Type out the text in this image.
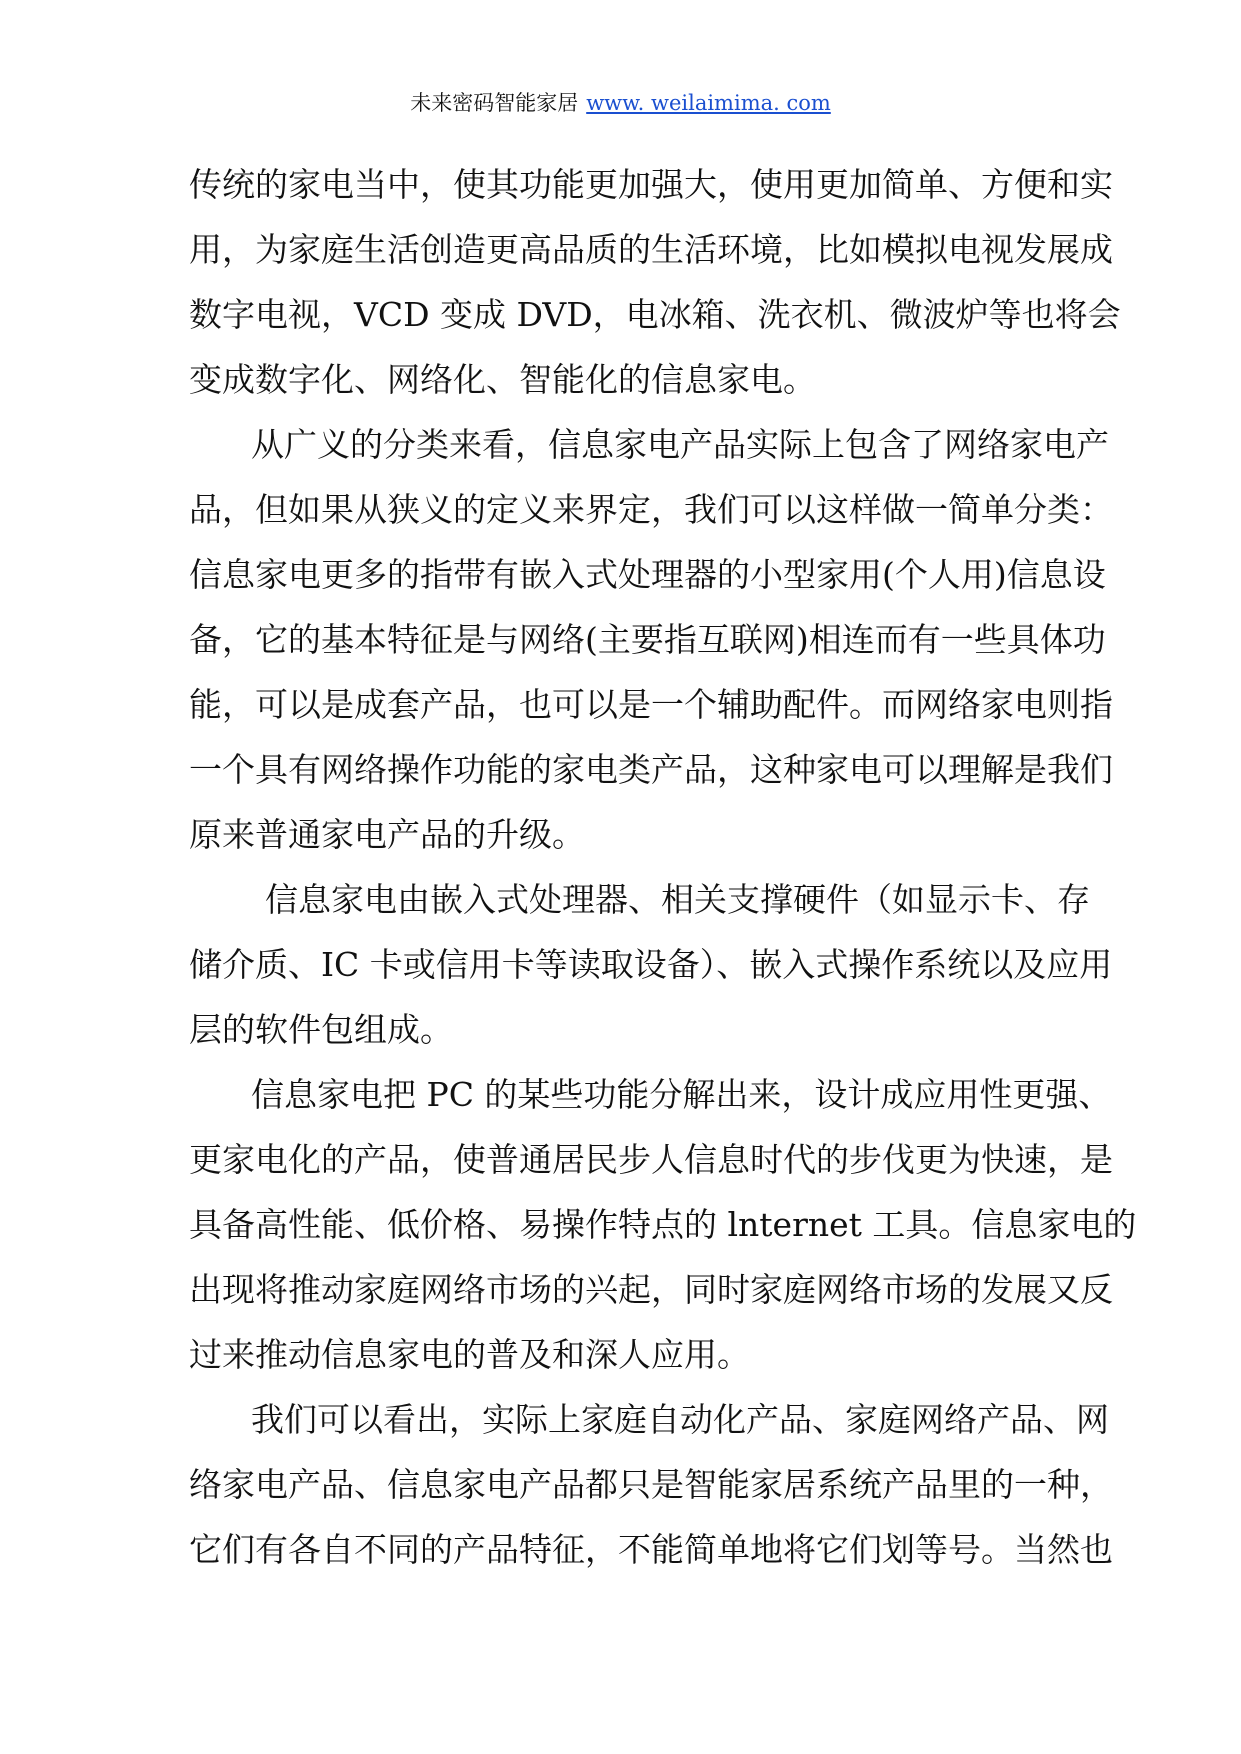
未来密码智能家居 www. weilaimima. com
传统的家电当中，使其功能更加强大，使用更加简单、方便和实
用，为家庭生活创造更高品质的生活环境，比如模拟电视发展成
数字电视，VCD 变成 DVD，电冰箱、洗衣机、微波炉等也将会
变成数字化、网络化、智能化的信息家电。
从广义的分类来看，信息家电产品实际上包含了网络家电产
品，但如果从狭义的定义来界定，我们可以这样做一简单分类：
信息家电更多的指带有嵌入式处理器的小型家用(个人用)信息设
备，它的基本特征是与网络(主要指互联网)相连而有一些具体功
能，可以是成套产品，也可以是一个辅助配件。而网络家电则指
一个具有网络操作功能的家电类产品，这种家电可以理解是我们
原来普通家电产品的升级。
信息家电由嵌入式处理器、相关支撑硬件（如显示卡、存
储介质、IC 卡或信用卡等读取设备）、嵌入式操作系统以及应用
层的软件包组成。
信息家电把 PC 的某些功能分解出来，设计成应用性更强、
更家电化的产品，使普通居民步人信息时代的步伐更为快速，是
具备高性能、低价格、易操作特点的 lnternet 工具。信息家电的
出现将推动家庭网络市场的兴起，同时家庭网络市场的发展又反
过来推动信息家电的普及和深人应用。
我们可以看出，实际上家庭自动化产品、家庭网络产品、网
络家电产品、信息家电产品都只是智能家居系统产品里的一种，
它们有各自不同的产品特征，不能简单地将它们划等号。当然也
